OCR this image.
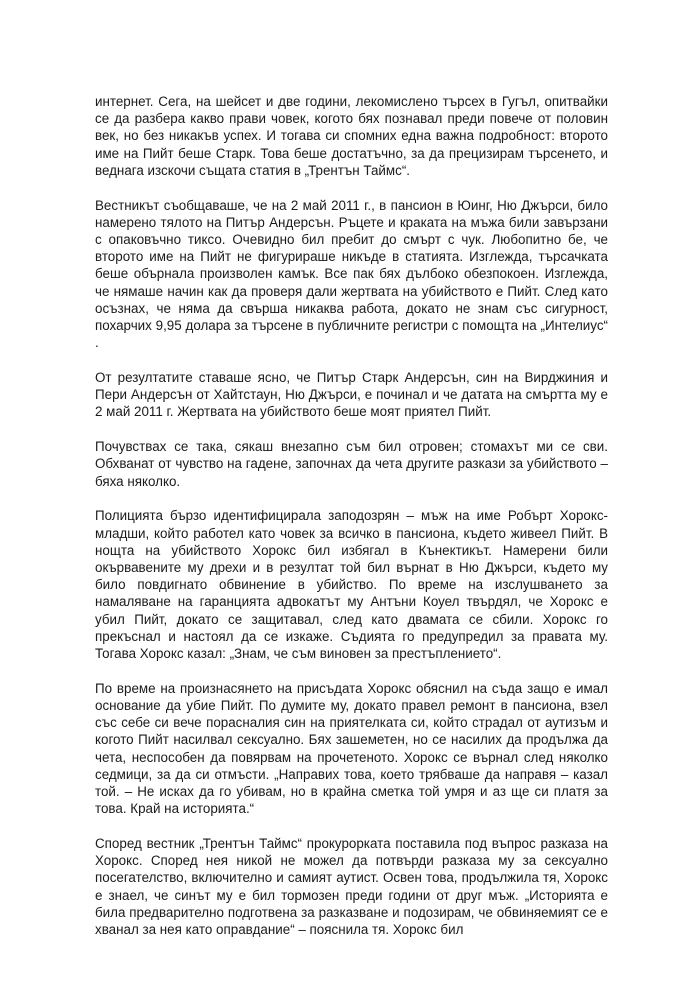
интернет. Сега, на шейсет и две години, лекомислено търсех в Гугъл, опитвайки се да разбера какво прави човек, когото бях познавал преди повече от половин век, но без никакъв успех. И тогава си спомних една важна подробност: второто име на Пийт беше Старк. Това беше достатъчно, за да прецизирам търсенето, и веднага изскочи същата статия в „Трентън Таймс“.

Вестникът съобщаваше, че на 2 май 2011 г., в пансион в Юинг, Ню Джърси, било намерено тялото на Питър Андерсън. Ръцете и краката на мъжа били завързани с опаковъчно тиксо. Очевидно бил пребит до смърт с чук. Любопитно бе, че второто име на Пийт не фигурираше никъде в статията. Изглежда, търсачката беше обърнала произволен камък. Все пак бях дълбоко обезпокоен. Изглежда, че нямаше начин как да проверя дали жертвата на убийството е Пийт. След като осъзнах, че няма да свърша никаква работа, докато не знам със сигурност, похарчих 9,95 долара за търсене в публичните регистри с помощта на „Интелиус“ .

От резултатите ставаше ясно, че Питър Старк Андерсън, син на Вирджиния и Пери Андерсън от Хайтстаун, Ню Джърси, е починал и че датата на смъртта му е 2 май 2011 г. Жертвата на убийството беше моят приятел Пийт.

Почувствах се така, сякаш внезапно съм бил отровен; стомахът ми се сви. Обхванат от чувство на гадене, започнах да чета другите разкази за убийството – бяха няколко.

Полицията бързо идентифицирала заподозрян – мъж на име Робърт Хорокс-младши, който работел като човек за всичко в пансиона, където живеел Пийт. В нощта на убийството Хорокс бил избягал в Кънектикът. Намерени били окървавените му дрехи и в резултат той бил върнат в Ню Джърси, където му било повдигнато обвинение в убийство. По време на изслушването за намаляване на гаранцията адвокатът му Антъни Коуел твърдял, че Хорокс е убил Пийт, докато се защитавал, след като двамата се сбили. Хорокс го прекъснал и настоял да се изкаже. Съдията го предупредил за правата му. Тогава Хорокс казал: „Знам, че съм виновен за престъплението“.

По време на произнасянето на присъдата Хорокс обяснил на съда защо е имал основание да убие Пийт. По думите му, докато правел ремонт в пансиона, взел със себе си вече порасналия син на приятелката си, който страдал от аутизъм и когото Пийт насилвал сексуално. Бях зашеметен, но се насилих да продължа да чета, неспособен да повярвам на прочетеното. Хорокс се върнал след няколко седмици, за да си отмъсти. „Направих това, което трябваше да направя – казал той. – Не исках да го убивам, но в крайна сметка той умря и аз ще си платя за това. Край на историята.“

Според вестник „Трентън Таймс“ прокурорката поставила под въпрос разказа на Хорокс. Според нея никой не можел да потвърди разказа му за сексуално посегателство, включително и самият аутист. Освен това, продължила тя, Хорокс е знаел, че синът му е бил тормозен преди години от друг мъж. „Историята е била предварително подготвена за разказване и подозирам, че обвиняемият се е хванал за нея като оправдание“ – пояснила тя. Хорокс бил
